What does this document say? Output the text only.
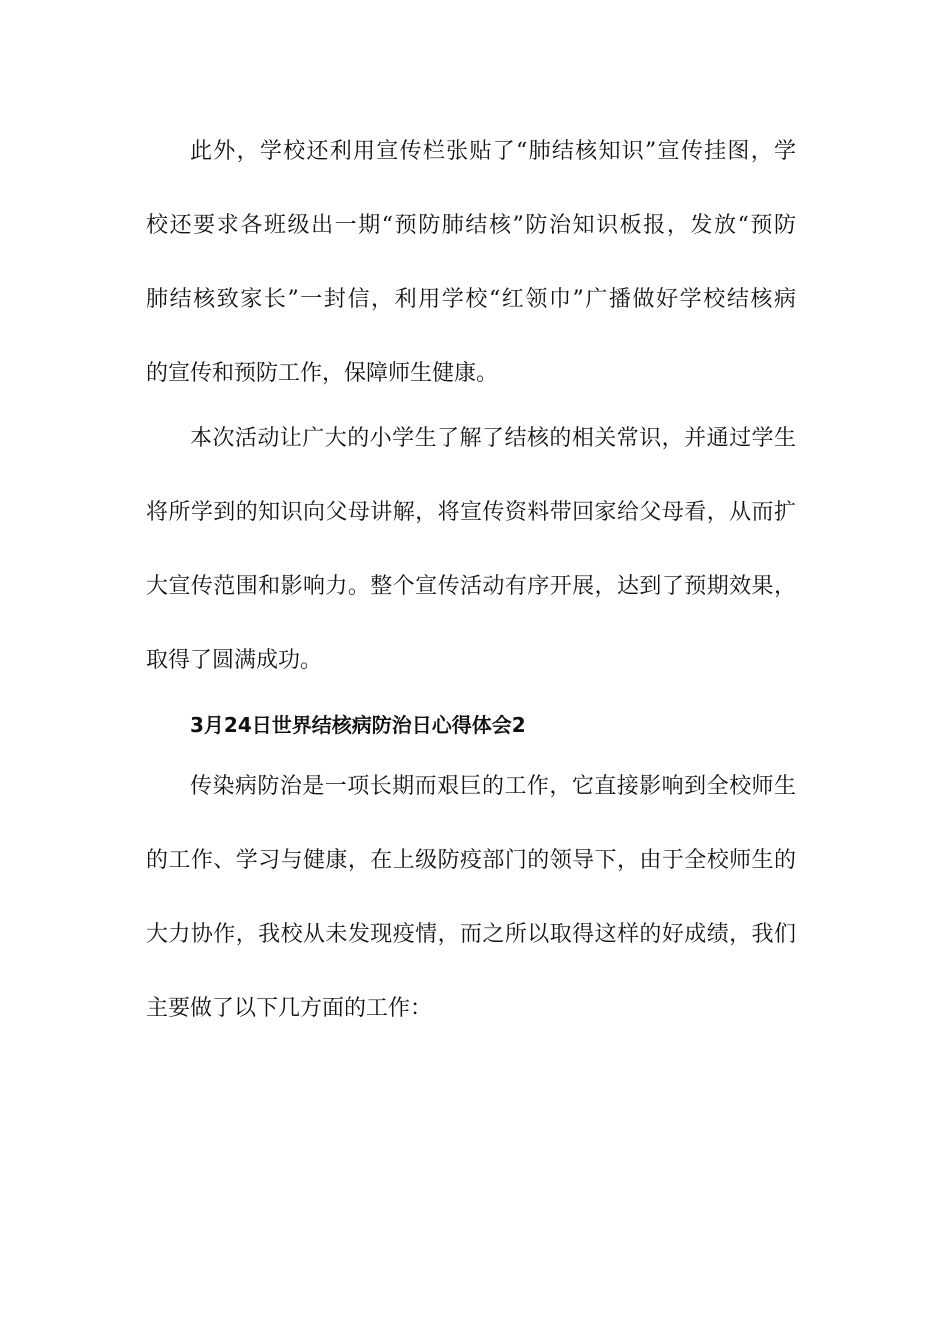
此外，学校还利用宣传栏张贴了“肺结核知识”宣传挂图，学
校还要求各班级出一期“预防肺结核”防治知识板报，发放“预防
肺结核致家长”一封信，利用学校“红领巾”广播做好学校结核病
的宣传和预防工作，保障师生健康。
本次活动让广大的小学生了解了结核的相关常识，并通过学生
将所学到的知识向父母讲解，将宣传资料带回家给父母看，从而扩
大宣传范围和影响力。整个宣传活动有序开展，达到了预期效果，
取得了圆满成功。
3月24日世界结核病防治日心得体会2
传染病防治是一项长期而艰巨的工作，它直接影响到全校师生
的工作、学习与健康，在上级防疫部门的领导下，由于全校师生的
大力协作，我校从未发现疫情，而之所以取得这样的好成绩，我们
主要做了以下几方面的工作：
